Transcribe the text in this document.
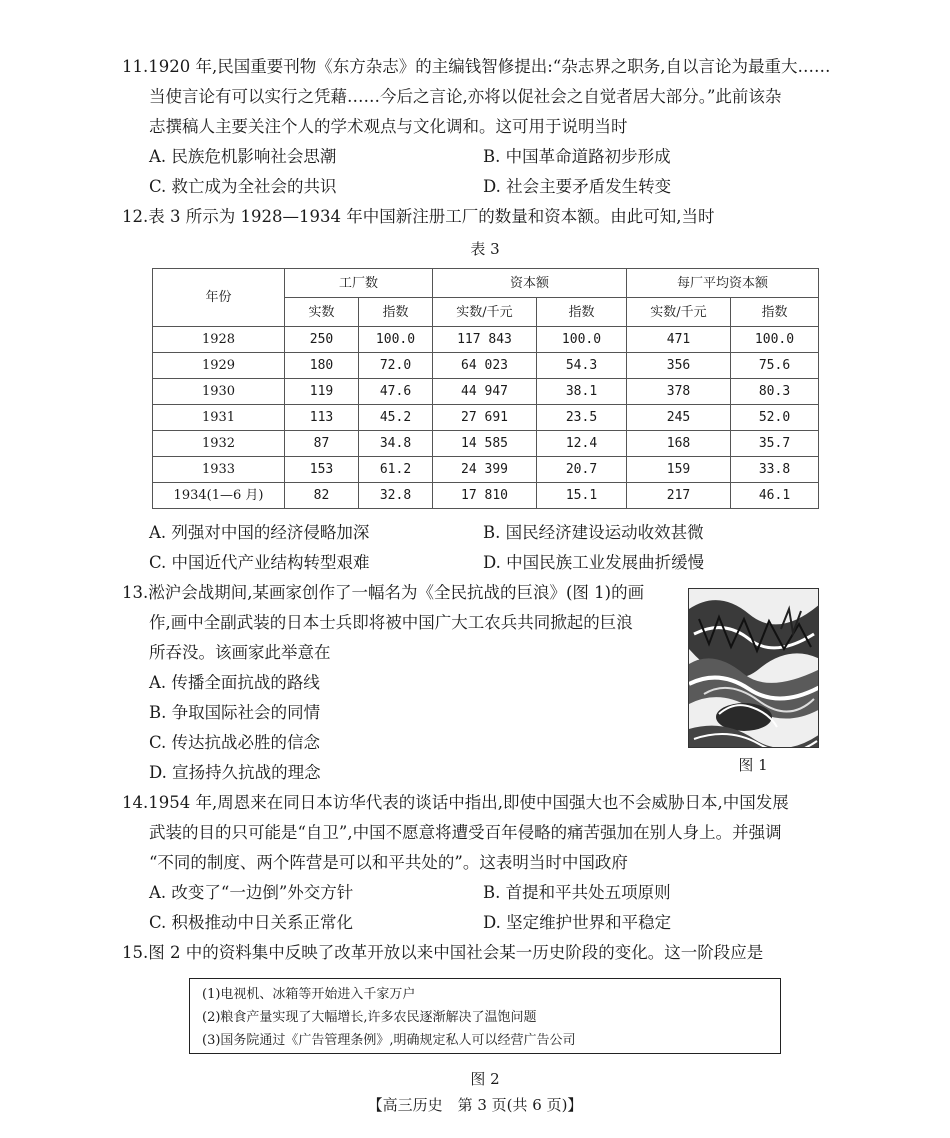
11.1920 年,民国重要刊物《东方杂志》的主编钱智修提出:“杂志界之职务,自以言论为最重大……

当使言论有可以实行之凭藉……今后之言论,亦将以促社会之自觉者居大部分。”此前该杂

志撰稿人主要关注个人的学术观点与文化调和。这可用于说明当时

A. 民族危机影响社会思潮	B. 中国革命道路初步形成
C. 救亡成为全社会的共识	D. 社会主要矛盾发生转变

12.表 3 所示为 1928—1934 年中国新注册工厂的数量和资本额。由此可知,当时

表 3
年份	工厂数		资本额		每厂平均资本额	
	实数	指数	实数/千元	指数	实数/千元	指数
1928	250	100.0	117 843	100.0	471	100.0
1929	180	72.0	64 023	54.3	356	75.6
1930	119	47.6	44 947	38.1	378	80.3
1931	113	45.2	27 691	23.5	245	52.0
1932	87	34.8	14 585	12.4	168	35.7
1933	153	61.2	24 399	20.7	159	33.8
1934(1—6 月)	82	32.8	17 810	15.1	217	46.1
A. 列强对中国的经济侵略加深	B. 国民经济建设运动收效甚微
C. 中国近代产业结构转型艰难	D. 中国民族工业发展曲折缓慢

13.淞沪会战期间,某画家创作了一幅名为《全民抗战的巨浪》(图 1)的画

作,画中全副武装的日本士兵即将被中国广大工农兵共同掀起的巨浪

所吞没。该画家此举意在

A. 传播全面抗战的路线
B. 争取国际社会的同情
C. 传达抗战必胜的信念
D. 宣扬持久抗战的理念	图 1

14.1954 年,周恩来在同日本访华代表的谈话中指出,即使中国强大也不会威胁日本,中国发展

武装的目的只可能是“自卫”,中国不愿意将遭受百年侵略的痛苦强加在别人身上。并强调

“不同的制度、两个阵营是可以和平共处的”。这表明当时中国政府

A. 改变了“一边倒”外交方针	B. 首提和平共处五项原则
C. 积极推动中日关系正常化	D. 坚定维护世界和平稳定

15.图 2 中的资料集中反映了改革开放以来中国社会某一历史阶段的变化。这一阶段应是

(1)电视机、冰箱等开始进入千家万户
(2)粮食产量实现了大幅增长,许多农民逐渐解决了温饱问题
(3)国务院通过《广告管理条例》,明确规定私人可以经营广告公司
图 2
【高三历史　第 3 页(共 6 页)】
